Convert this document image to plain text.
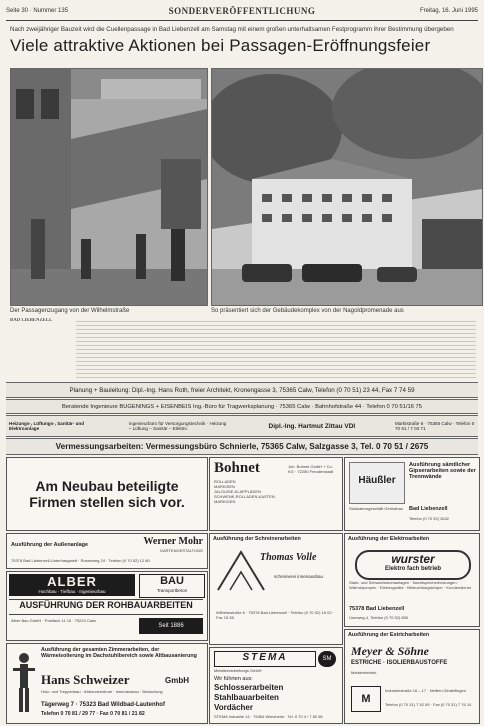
Seite 30 · Nummer 135	SONDERVERÖFFENTLICHUNG	Freitag, 16. Juni 1995
Nach zweijähriger Bauzeit wird die Cuellenpassage in Bad Liebenzell am Samstag mit einem großen unterhaltsamen Festprogramm ihrer Bestimmung übergeben
Viele attraktive Aktionen bei Passagen-Eröffnungsfeier
Der Passagenzugang von der Wilhelmstraße	So präsentiert sich der Gebäudekomplex von der Nagoldpromenade aus
BAD LIEBENZELL
Planung + Bauleitung: Dipl.-Ing. Hans Roth, freier Architekt, Kronengasse 3, 75365 Calw, Telefon (0 70 51) 23 44, Fax 7 74 59
Beratende Ingenieure BUGENINGS + EISENBEIS Ing.-Büro für Tragwerksplanung · 75365 Calw · Bahnhofstraße 44 · Telefon 0 70 51/16 75
Heizungs-, Lüftungs-, Sanitär- und Elektroanlage
Ingenieurbüro für Versorgungstechnik · Heizung – Lüftung – Sanitär – Elektro	Dipl.-Ing. Hartmut Zittau VDI	Marktstraße 6 · 75365 Calw · Telefon 0 70 51 / 7 03 71
Vermessungsarbeiten: Vermessungsbüro Schnierle, 75365 Calw, Salzgasse 3, Tel. 0 70 51 / 2675
Am Neubau beteiligte Firmen stellen sich vor.
Bohnet
ROLLADEN
MARKISEN
JALOUSIE-KLAPPLÄDEN
SCHWENK-ROLLADEN-KASTEN
MARKIGEN
Joh. Bohnet GmbH + Co. KG · 72250 Freudenstadt
Häußler
Stukkateurgeschäft Gerüstbau
Ausführung sämtlicher Gipserarbeiten sowie der Trennwände
Bad Liebenzell
Telefon (0 70 52) 3632
Ausführung der Außenanlage	Werner Mohr
GARTENGESTALTUNG
75378 Bad Liebenzell-Unterhaugstett · Rosenweg 24 · Telefon (0 70 52) 12 80
Ausführung der Schreinerarbeiten
Thomas Volle
schreinerei innenausbau
Wilhelmstraße 6 · 75378 Bad Liebenzell · Telefon (0 70 52) 16 02 · Fax 15 55
Ausführung der Elektroarbeiten
wurster
Elektro fach betrieb
Stark- und Schwachstromanlagen · Nachtspeicherheizungen · Wärmepumpen · Elektrogeräte · Beleuchtungskörper · Kundendienst
75378 Bad Liebenzell
Unmweg 4, Telefon (0 70 52) 850
ALBER
Hochbau · Tiefbau · Ingenieurbau
BAU
Transportbeton
AUSFÜHRUNG DER ROHBAUARBEITEN
Alber Bau GmbH · Postfach 11 16 · 75224 Calw
Seit 1886
Ausführung der gesamten Zimmerarbeiten, der Wärmeisolierung im Dachstuhlbereich sowie Altbausanierung
Hans Schweizer	GmbH
Holz- und Treppenbau · Abbundzentrum · Innenausbau · Bedachung
Tägerweg 7 · 75323 Bad Wildbad-Lautenhof
Telefon 0 70 81 / 29 77 · Fax 0 70 81 / 21 82
STEMA	SM
Metallverarbeitungs GmbH
Wir führten aus:
Schlosserarbeiten
Stahlbauarbeiten
Vordächer
STEMA Industrie 14 · 75464 Wimsheim · Tel. 0 70 4 / 7 80 55
Ausführung der Estricharbeiten
Meyer & Söhne
ESTRICHE · ISOLIERBAUSTOFFE
Meisterbetrieb
M
Industriestraße 16 – 17 · Neifern-Sindelfingen
Telefon (0 70 31) 7 52 59 · Fax (0 70 31) 7 76 14
